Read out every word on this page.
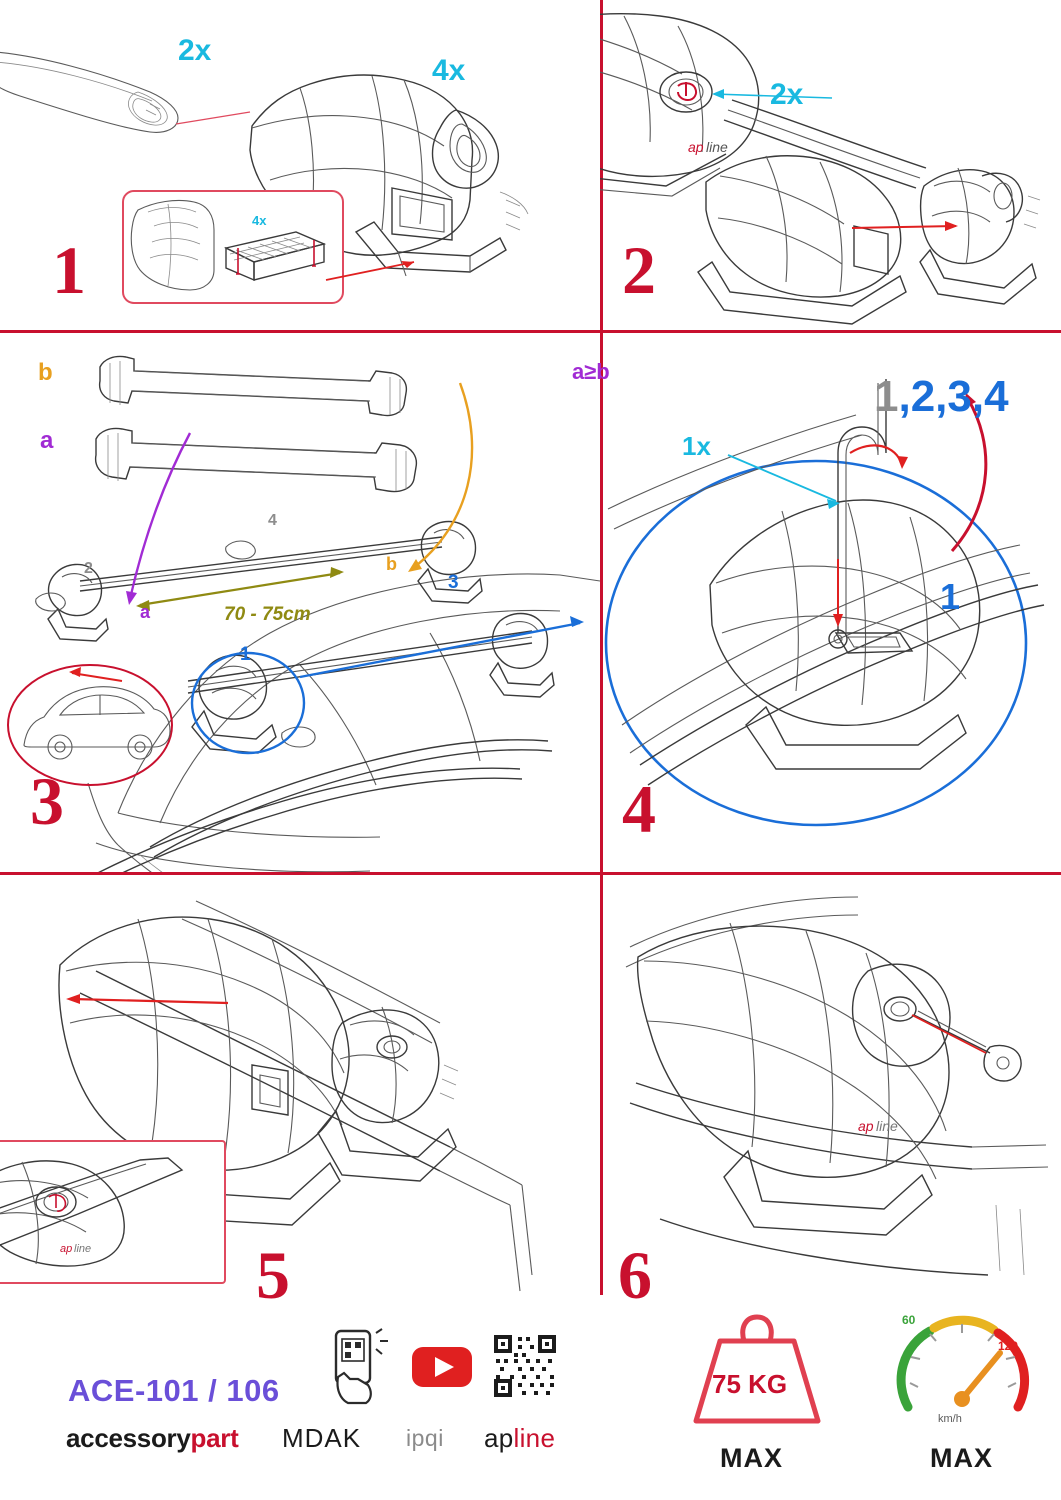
4x
2x
4x
1
ap line
2x
2
b
a
a
b
70 - 75cm
1
2
3
4
3
a≥b
1x
1,2,3,4
1
4
ap line 5
ap line
6
ACE-101 / 106
accessorypart MDAK ipqi apline
75 KG
MAX
60
120
km/h
MAX
